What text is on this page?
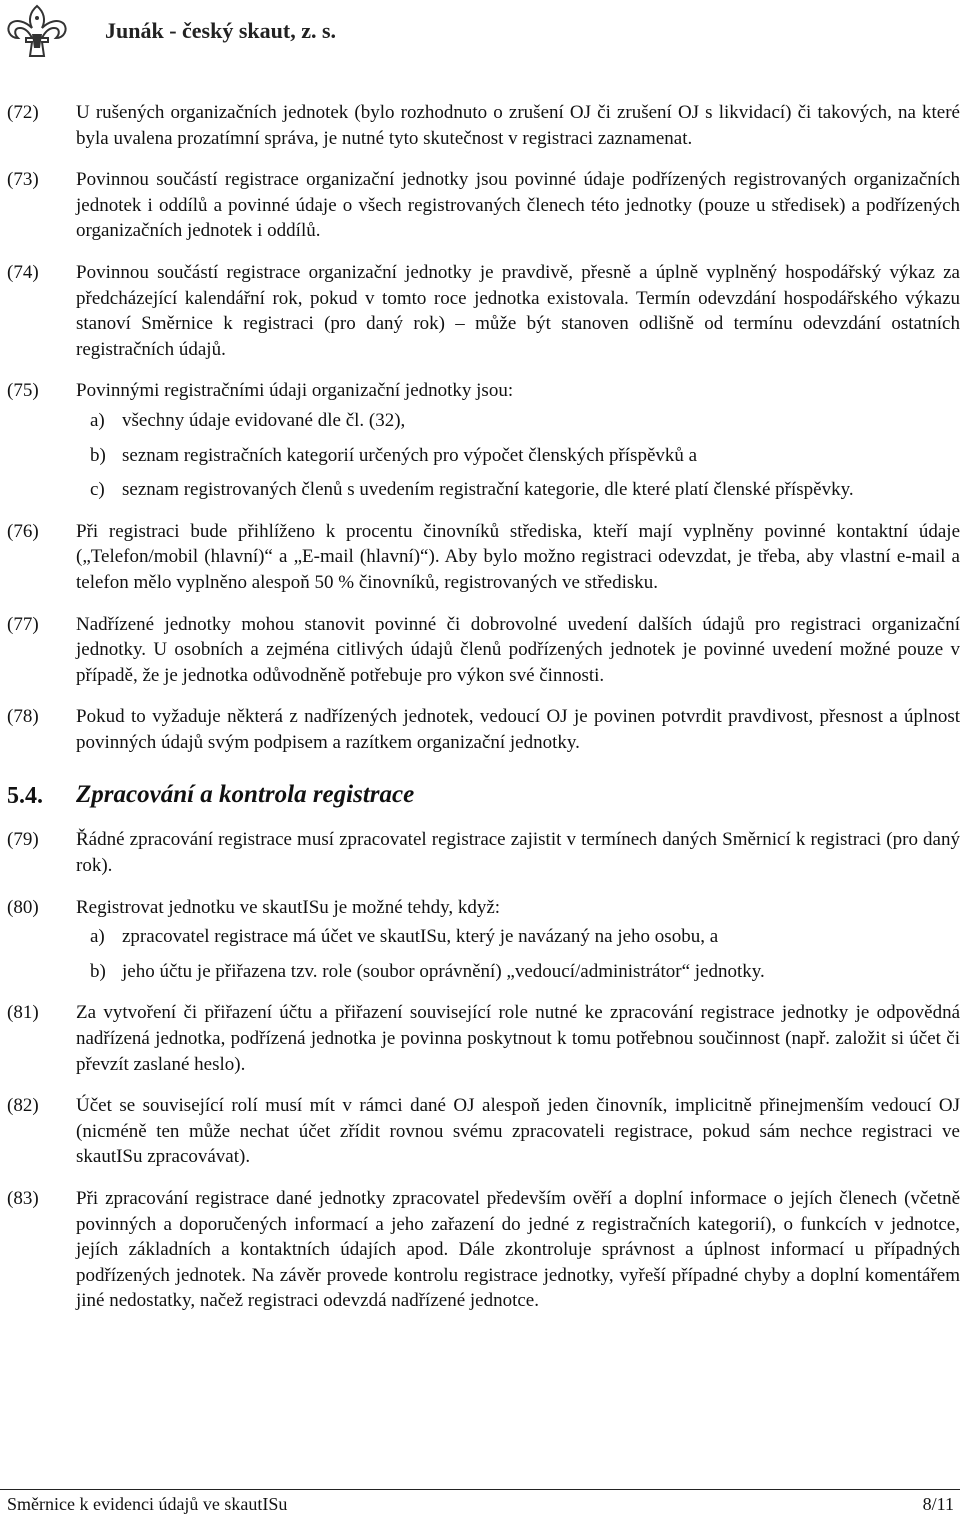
Junák - český skaut, z. s.
(72) U rušených organizačních jednotek (bylo rozhodnuto o zrušení OJ či zrušení OJ s likvidací) či takových, na které byla uvalena prozatímní správa, je nutné tyto skutečnost v registraci zaznamenat.
(73) Povinnou součástí registrace organizační jednotky jsou povinné údaje podřízených registrovaných organizačních jednotek i oddílů a povinné údaje o všech registrovaných členech této jednotky (pouze u středisek) a podřízených organizačních jednotek i oddílů.
(74) Povinnou součástí registrace organizační jednotky je pravdivě, přesně a úplně vyplněný hospodářský výkaz za předcházející kalendářní rok, pokud v tomto roce jednotka existovala. Termín odevzdání hospodářského výkazu stanoví Směrnice k registraci (pro daný rok) – může být stanoven odlišně od termínu odevzdání ostatních registračních údajů.
(75) Povinnými registračními údaji organizační jednotky jsou:
a) všechny údaje evidované dle čl. (32),
b) seznam registračních kategorií určených pro výpočet členských příspěvků a
c) seznam registrovaných členů s uvedením registrační kategorie, dle které platí členské příspěvky.
(76) Při registraci bude přihlíženo k procentu činovníků střediska, kteří mají vyplněny povinné kontaktní údaje („Telefon/mobil (hlavní)“ a „E-mail (hlavní)“). Aby bylo možno registraci odevzdat, je třeba, aby vlastní e-mail a telefon mělo vyplněno alespoň 50 % činovníků, registrovaných ve středisku.
(77) Nadřízené jednotky mohou stanovit povinné či dobrovolné uvedení dalších údajů pro registraci organizační jednotky. U osobních a zejména citlivých údajů členů podřízených jednotek je povinné uvedení možné pouze v případě, že je jednotka odůvodněně potřebuje pro výkon své činnosti.
(78) Pokud to vyžaduje některá z nadřízených jednotek, vedoucí OJ je povinen potvrdit pravdivost, přesnost a úplnost povinných údajů svým podpisem a razítkem organizační jednotky.
5.4. Zpracování a kontrola registrace
(79) Řádné zpracování registrace musí zpracovatel registrace zajistit v termínech daných Směrnicí k registraci (pro daný rok).
(80) Registrovat jednotku ve skautISu je možné tehdy, když:
a) zpracovatel registrace má účet ve skautISu, který je navázaný na jeho osobu, a
b) jeho účtu je přiřazena tzv. role (soubor oprávnění) „vedoucí/administrátor“ jednotky.
(81) Za vytvoření či přiřazení účtu a přiřazení související role nutné ke zpracování registrace jednotky je odpovědná nadřízená jednotka, podřízená jednotka je povinna poskytnout k tomu potřebnou součinnost (např. založit si účet či převzít zaslané heslo).
(82) Účet se související rolí musí mít v rámci dané OJ alespoň jeden činovník, implicitně přinejmenším vedoucí OJ (nicméně ten může nechat účet zřídit rovnou svému zpracovateli registrace, pokud sám nechce registraci ve skautISu zpracovávat).
(83) Při zpracování registrace dané jednotky zpracovatel především ověří a doplní informace o jejích členech (včetně povinných a doporučených informací a jeho zařazení do jedné z registračních kategorií), o funkcích v jednotce, jejích základních a kontaktních údajích apod. Dále zkontroluje správnost a úplnost informací u případných podřízených jednotek. Na závěr provede kontrolu registrace jednotky, vyřeší případné chyby a doplní komentářem jiné nedostatky, načež registraci odevzdá nadřízené jednotce.
Směrnice k evidenci údajů ve skautISu	8/11
